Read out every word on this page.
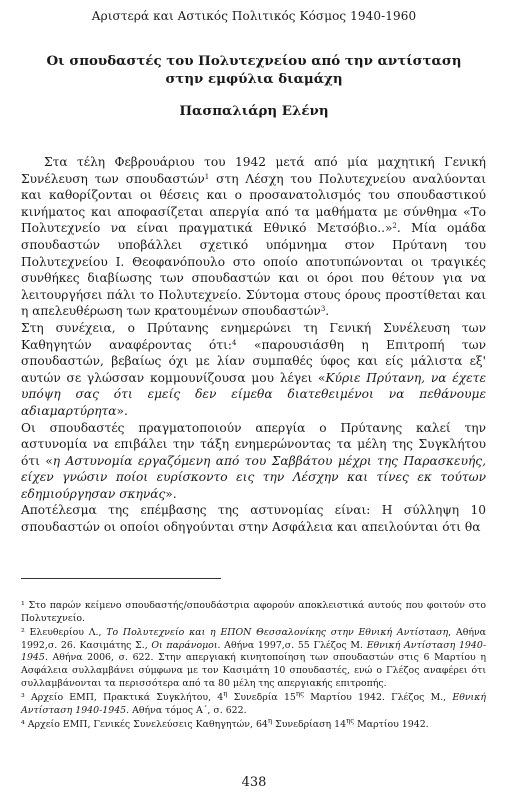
Αριστερά και Αστικός Πολιτικός Κόσμος 1940-1960
Οι σπουδαστές του Πολυτεχνείου από την αντίσταση
στην εμφύλια διαμάχη
Πασπαλιάρη Ελένη

Στα τέλη Φεβρουάριου του 1942 μετά από μία μαχητική Γενική Συνέλευση των σπουδαστών$^1$ στη Λέσχη του Πολυτεχνείου αναλύονται και καθορίζονται οι θέσεις και ο προσανατολισμός του σπουδαστικού κινήματος και αποφασίζεται απεργία από τα μαθήματα με σύνθημα «Το Πολυτεχνείο να είναι πραγματικά Εθνικό Μετσόβιο..»$^2$. Μία ομάδα σπουδαστών υποβάλλει σχετικό υπόμνημα στον Πρύτανη του Πολυτεχνείου Ι. Θεοφανόπουλο στο οποίο αποτυπώνονται οι τραγικές συνθήκες διαβίωσης των σπουδαστών και οι όροι που θέτουν για να λειτουργήσει πάλι το Πολυτεχνείο. Σύντομα στους όρους προστίθεται και η απελευθέρωση των κρατουμένων σπουδαστών$^3$.

Στη συνέχεια, ο Πρύτανης ενημερώνει τη Γενική Συνέλευση των Καθηγητών αναφέροντας ότι:$^4$ «παρουσιάσθη η Επιτροπή των σπουδαστών, βεβαίως όχι με λίαν συμπαθές ύφος και είς μάλιστα εξ' αυτών σε γλώσσαν κομμουνίζουσα μου λέγει «Κύριε Πρύτανη, να έχετε υπόψη σας ότι εμείς δεν είμεθα διατεθειμένοι να πεθάνουμε αδιαμαρτύρητα».

Οι σπουδαστές πραγματοποιούν απεργία ο Πρύτανης καλεί την αστυνομία να επιβάλει την τάξη ενημερώνοντας τα μέλη της Συγκλήτου ότι «η Αστυνομία εργαζόμενη από του Σαββάτου μέχρι της Παρασκευής, είχεν γνώσιν ποίοι ευρίσκοντο εις την Λέσχην και τίνες εκ τούτων εδημιούργησαν σκηνάς».

Αποτέλεσμα της επέμβασης της αστυνομίας είναι: Η σύλληψη 10 σπουδαστών οι οποίοι οδηγούνται στην Ασφάλεια και απειλούνται ότι θα

¹ Στο παρών κείμενο σπουδαστής/σπουδάστρια αφορούν αποκλειστικά αυτούς που φοιτούν στο Πολυτεχνείο.

² Ελευθερίου Λ., Το Πολυτεχνείο και η ΕΠΟΝ Θεσσαλονίκης στην Εθνική Αντίσταση, Αθήνα 1992,σ. 26. Κασιμάτης Σ., Οι παράνομοι. Αθήνα 1997,σ. 55 Γλέζος Μ. Εθνική Αντίσταση 1940-1945. Αθήνα 2006, σ. 622. Στην απεργιακή κινητοποίηση των σπουδαστών στις 6 Μαρτίου η Ασφάλεια συλλαμβάνει σύμφωνα με τον Κασιμάτη 10 σπουδαστές, ενώ ο Γλέζος αναφέρει ότι συλλαμβάνονται τα περισσότερα από τα 80 μέλη της απεργιακής επιτροπής.

³ Αρχείο ΕΜΠ, Πρακτικά Συγκλήτου, $4^\eta$ Συνεδρία $15^{\eta\varsigma}$ Μαρτίου 1942. Γλέζος Μ., Εθνική Αντίσταση 1940-1945. Αθήνα τόμος Α΄, σ. 622.

⁴ Αρχείο ΕΜΠ, Γενικές Συνελεύσεις Καθηγητών, $64^\eta$ Συνεδρίαση $14^{\eta\varsigma}$ Μαρτίου 1942.

438
